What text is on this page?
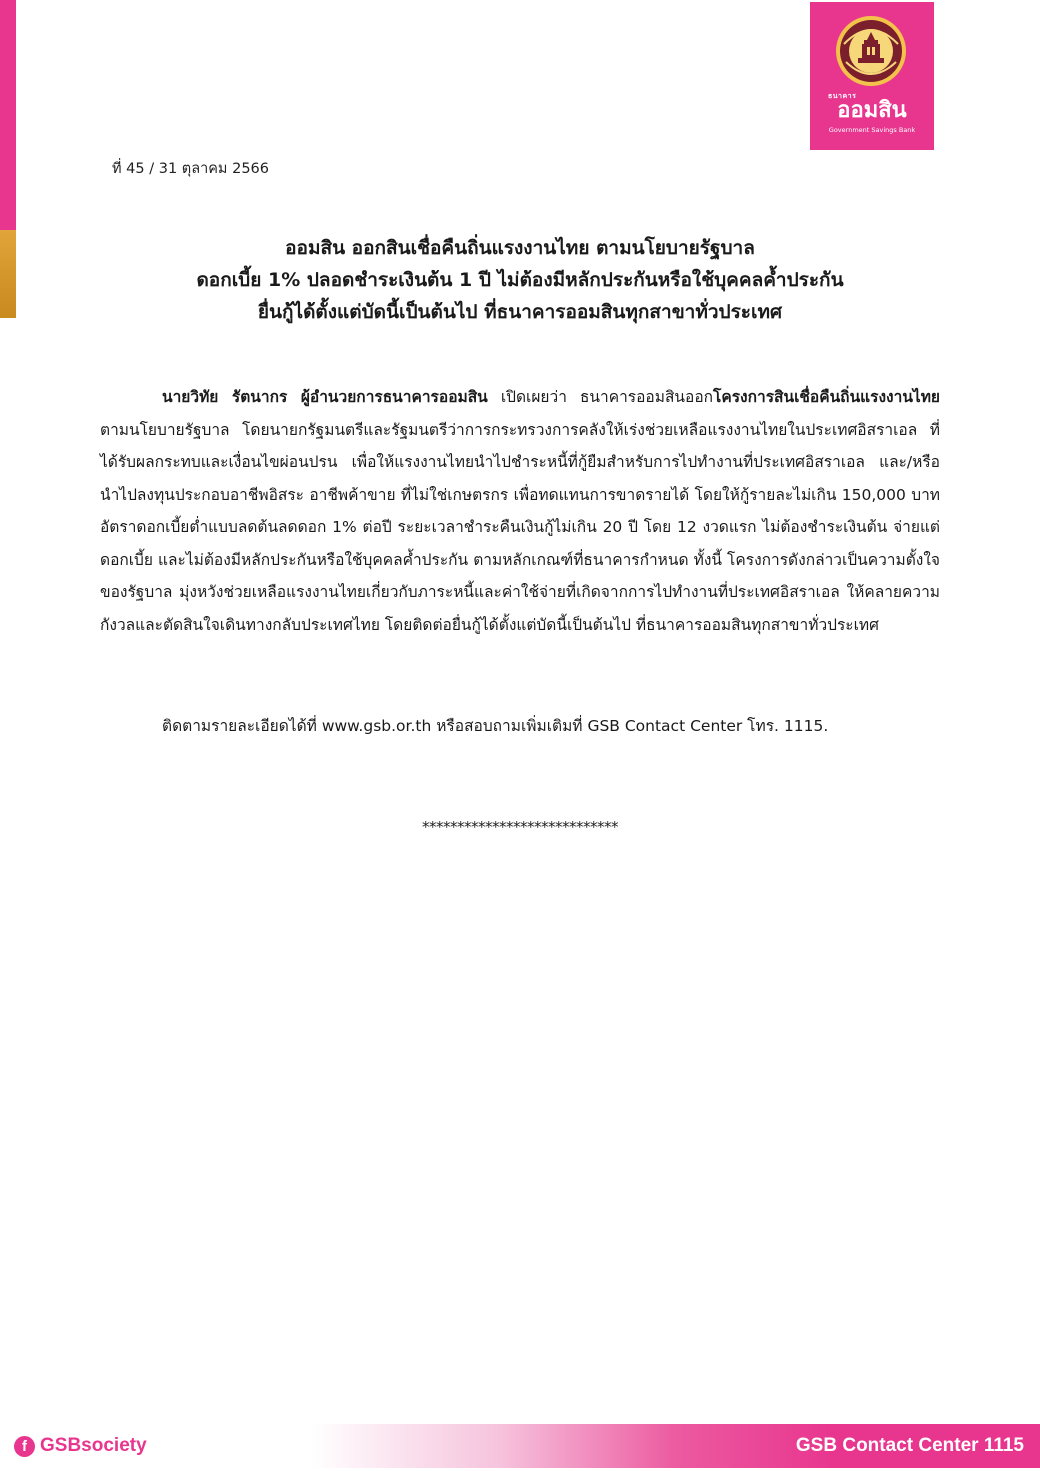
ธนาคาร
ออมสิน
Government Savings Bank
ที่ 45 / 31 ตุลาคม 2566
ออมสิน ออกสินเชื่อคืนถิ่นแรงงานไทย ตามนโยบายรัฐบาล
ดอกเบี้ย 1% ปลอดชำระเงินต้น 1 ปี ไม่ต้องมีหลักประกันหรือใช้บุคคลค้ำประกัน
ยื่นกู้ได้ตั้งแต่บัดนี้เป็นต้นไป ที่ธนาคารออมสินทุกสาขาทั่วประเทศ

นายวิทัย รัตนากร ผู้อำนวยการธนาคารออมสิน เปิดเผยว่า ธนาคารออมสินออกโครงการสินเชื่อคืนถิ่นแรงงานไทย ตามนโยบายรัฐบาล โดยนายกรัฐมนตรีและรัฐมนตรีว่าการกระทรวงการคลังให้เร่งช่วยเหลือแรงงานไทยในประเทศอิสราเอล ที่ได้รับผลกระทบและเงื่อนไขผ่อนปรน เพื่อให้แรงงานไทยนำไปชำระหนี้ที่กู้ยืมสำหรับการไปทำงานที่ประเทศอิสราเอล และ/หรือ นำไปลงทุนประกอบอาชีพอิสระ อาชีพค้าขาย ที่ไม่ใช่เกษตรกร เพื่อทดแทนการขาดรายได้ โดยให้กู้รายละไม่เกิน 150,000 บาท อัตราดอกเบี้ยต่ำแบบลดต้นลดดอก 1% ต่อปี ระยะเวลาชำระคืนเงินกู้ไม่เกิน 20 ปี โดย 12 งวดแรก ไม่ต้องชำระเงินต้น จ่ายแต่ดอกเบี้ย และไม่ต้องมีหลักประกันหรือใช้บุคคลค้ำประกัน ตามหลักเกณฑ์ที่ธนาคารกำหนด ทั้งนี้ โครงการดังกล่าวเป็นความตั้งใจของรัฐบาล มุ่งหวังช่วยเหลือแรงงานไทยเกี่ยวกับภาระหนี้และค่าใช้จ่ายที่เกิดจากการไปทำงานที่ประเทศอิสราเอล ให้คลายความกังวลและตัดสินใจเดินทางกลับประเทศไทย โดยติดต่อยื่นกู้ได้ตั้งแต่บัดนี้เป็นต้นไป ที่ธนาคารออมสินทุกสาขาทั่วประเทศ

ติดตามรายละเอียดได้ที่ www.gsb.or.th หรือสอบถามเพิ่มเติมที่ GSB Contact Center โทร. 1115.
****************************
f GSBsociety	GSB Contact Center 1115
